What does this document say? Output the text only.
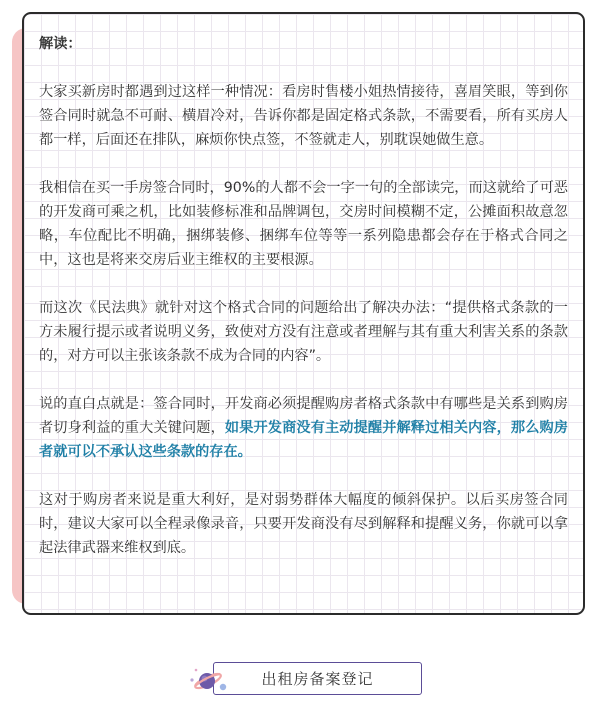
解读：
大家买新房时都遇到过这样一种情况：看房时售楼小姐热情接待，喜眉笑眼，等到你签合同时就急不可耐、横眉冷对，告诉你都是固定格式条款，不需要看，所有买房人都一样，后面还在排队，麻烦你快点签，不签就走人，别耽误她做生意。
我相信在买一手房签合同时，90%的人都不会一字一句的全部读完，而这就给了可恶的开发商可乘之机，比如装修标准和品牌调包，交房时间模糊不定，公摊面积故意忽略，车位配比不明确，捆绑装修、捆绑车位等等一系列隐患都会存在于格式合同之中，这也是将来交房后业主维权的主要根源。
而这次《民法典》就针对这个格式合同的问题给出了解决办法：“提供格式条款的一方未履行提示或者说明义务，致使对方没有注意或者理解与其有重大利害关系的条款的，对方可以主张该条款不成为合同的内容”。
说的直白点就是：签合同时，开发商必须提醒购房者格式条款中有哪些是关系到购房者切身利益的重大关键问题，如果开发商没有主动提醒并解释过相关内容，那么购房者就可以不承认这些条款的存在。
这对于购房者来说是重大利好，是对弱势群体大幅度的倾斜保护。以后买房签合同时，建议大家可以全程录像录音，只要开发商没有尽到解释和提醒义务，你就可以拿起法律武器来维权到底。
出租房备案登记
